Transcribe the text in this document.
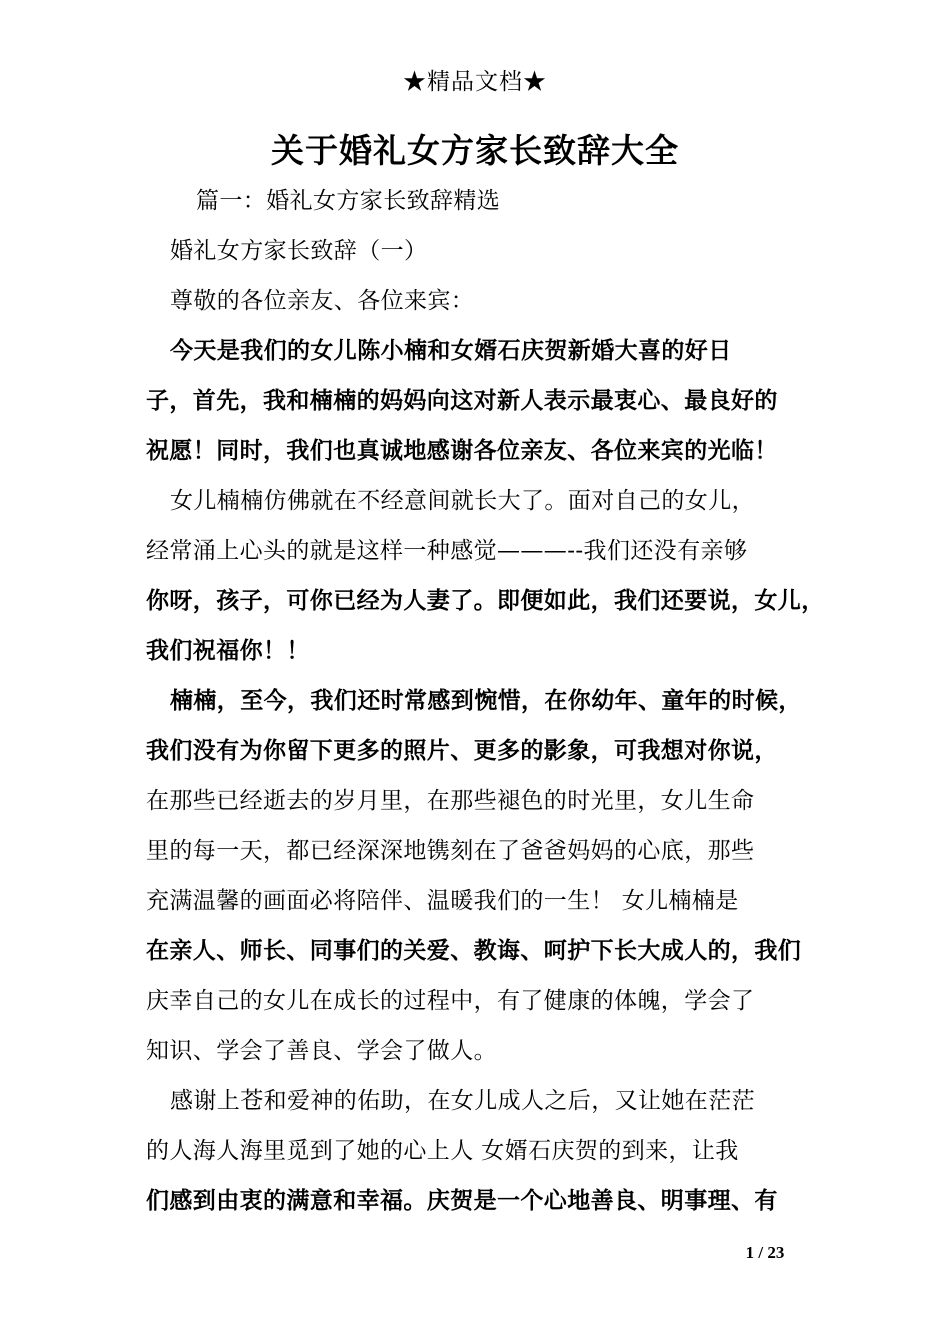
★精品文档★
关于婚礼女方家长致辞大全
篇一：婚礼女方家长致辞精选
婚礼女方家长致辞（一）
尊敬的各位亲友、各位来宾：
今天是我们的女儿陈小楠和女婿石庆贺新婚大喜的好日
子，首先，我和楠楠的妈妈向这对新人表示最衷心、最良好的
祝愿！同时，我们也真诚地感谢各位亲友、各位来宾的光临！
女儿楠楠仿佛就在不经意间就长大了。面对自己的女儿，
经常涌上心头的就是这样一种感觉———--我们还没有亲够
你呀，孩子，可你已经为人妻了。即便如此，我们还要说，女儿，
我们祝福你！！
楠楠，至今，我们还时常感到惋惜，在你幼年、童年的时候，
我们没有为你留下更多的照片、更多的影象，可我想对你说，
在那些已经逝去的岁月里，在那些褪色的时光里，女儿生命
里的每一天，都已经深深地镌刻在了爸爸妈妈的心底，那些
充满温馨的画面必将陪伴、温暖我们的一生！ 女儿楠楠是
在亲人、师长、同事们的关爱、教诲、呵护下长大成人的，我们
庆幸自己的女儿在成长的过程中，有了健康的体魄，学会了
知识、学会了善良、学会了做人。
感谢上苍和爱神的佑助，在女儿成人之后，又让她在茫茫
的人海人海里觅到了她的心上人 女婿石庆贺的到来，让我
们感到由衷的满意和幸福。庆贺是一个心地善良、明事理、有
1 / 23
